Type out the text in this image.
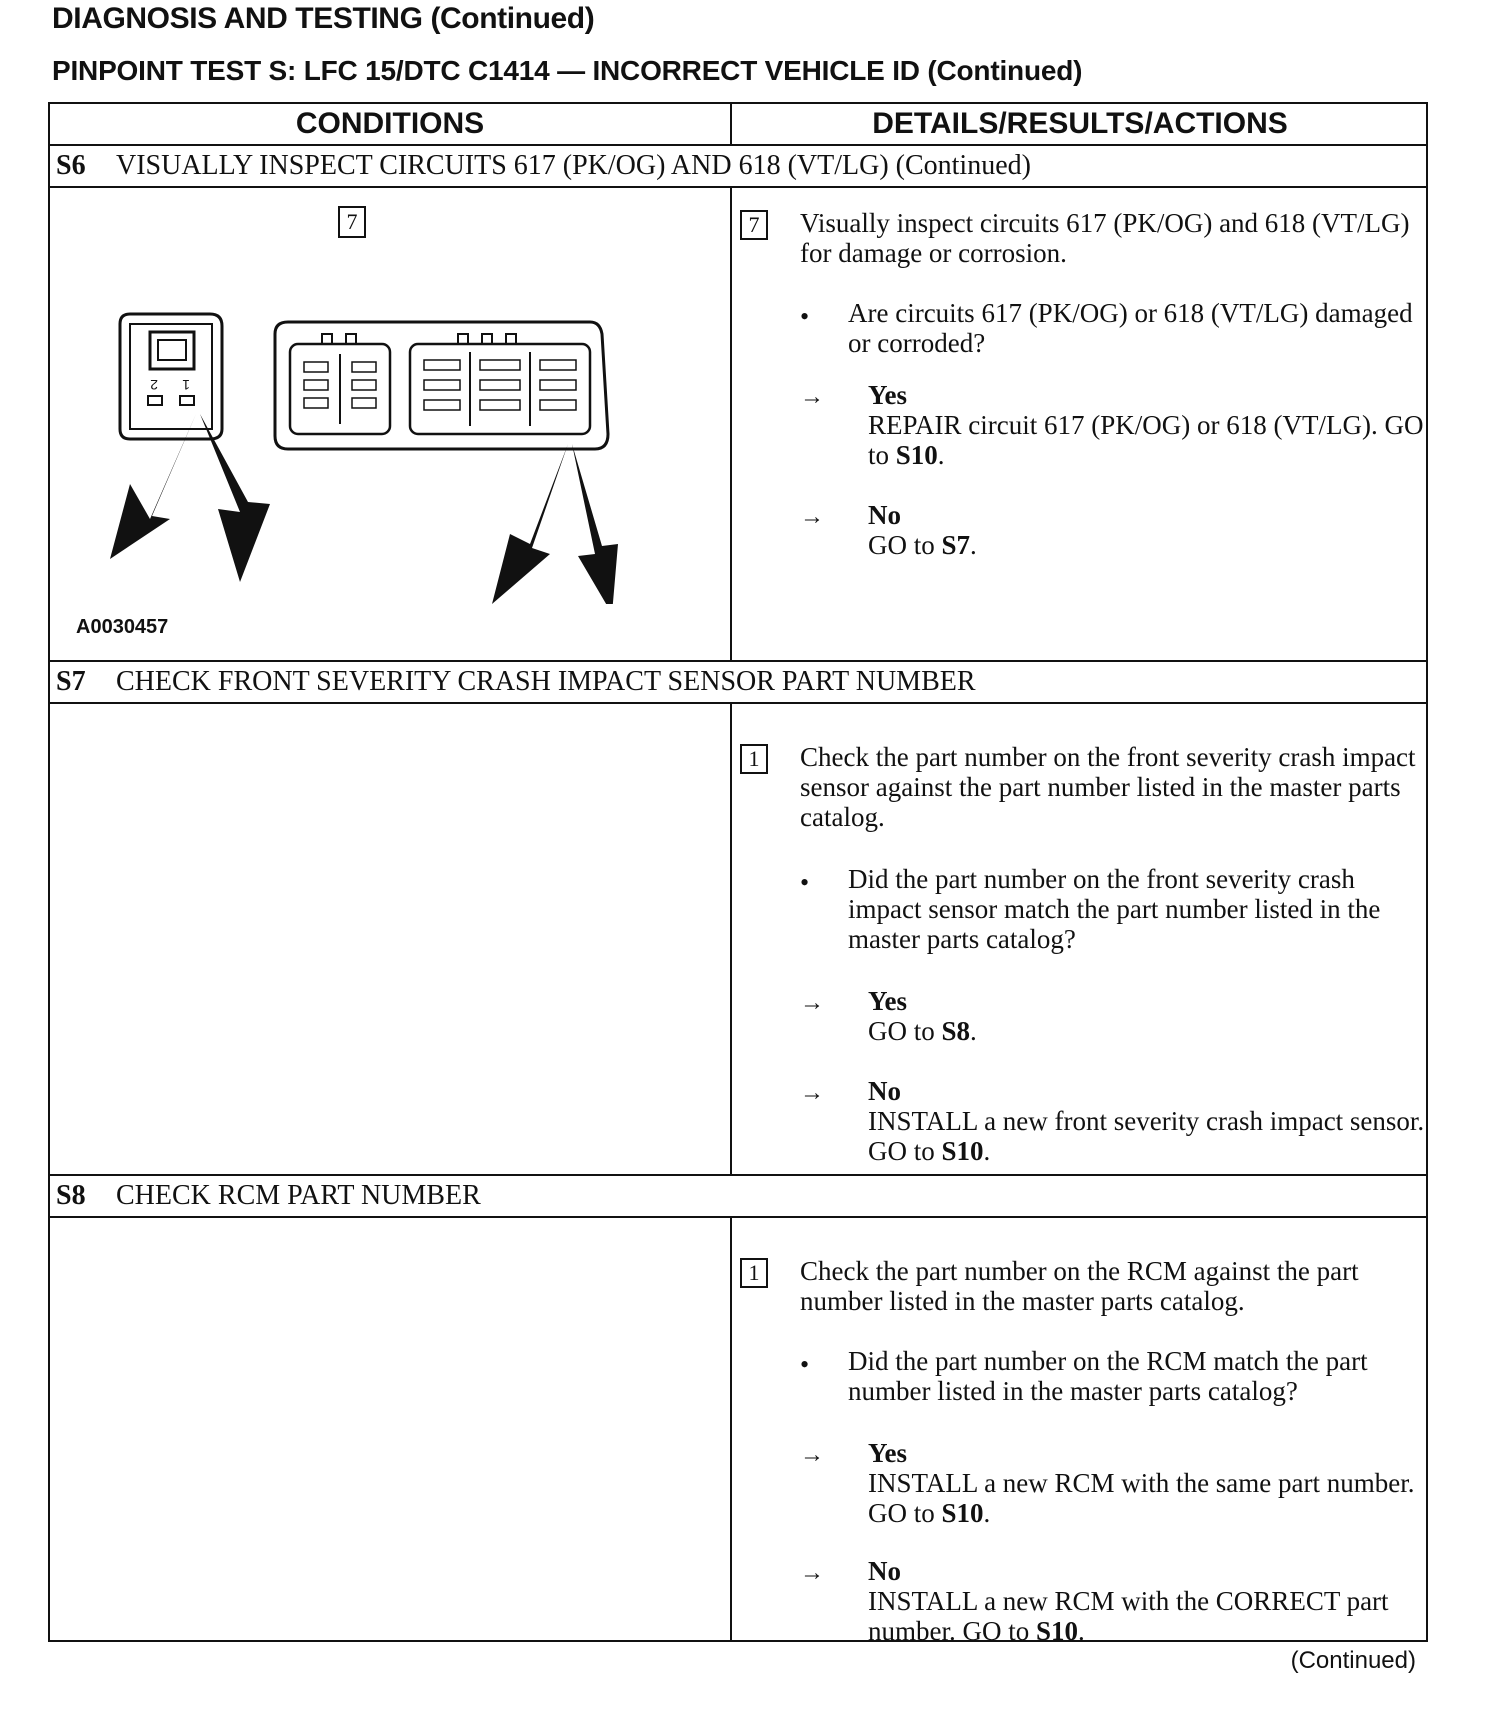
DIAGNOSIS AND TESTING (Continued)
PINPOINT TEST S: LFC 15/DTC C1414 — INCORRECT VEHICLE ID (Continued)
CONDITIONS	DETAILS/RESULTS/ACTIONS
S6 VISUALLY INSPECT CIRCUITS 617 (PK/OG) AND 618 (VT/LG) (Continued)
7
2 1
A0030457
7	Visually inspect circuits 617 (PK/OG) and 618 (VT/LG) for damage or corrosion.
• Are circuits 617 (PK/OG) or 618 (VT/LG) damaged or corroded?
→ Yes
REPAIR circuit 617 (PK/OG) or 618 (VT/LG). GO to S10.
→ No
GO to S7.
S7 CHECK FRONT SEVERITY CRASH IMPACT SENSOR PART NUMBER
1	Check the part number on the front severity crash impact sensor against the part number listed in the master parts catalog.
• Did the part number on the front severity crash impact sensor match the part number listed in the master parts catalog?
→ Yes
GO to S8.
→ No
INSTALL a new front severity crash impact sensor. GO to S10.
S8 CHECK RCM PART NUMBER
1	Check the part number on the RCM against the part number listed in the master parts catalog.
• Did the part number on the RCM match the part number listed in the master parts catalog?
→ Yes
INSTALL a new RCM with the same part number. GO to S10.
→ No
INSTALL a new RCM with the CORRECT part number. GO to S10.
(Continued)
